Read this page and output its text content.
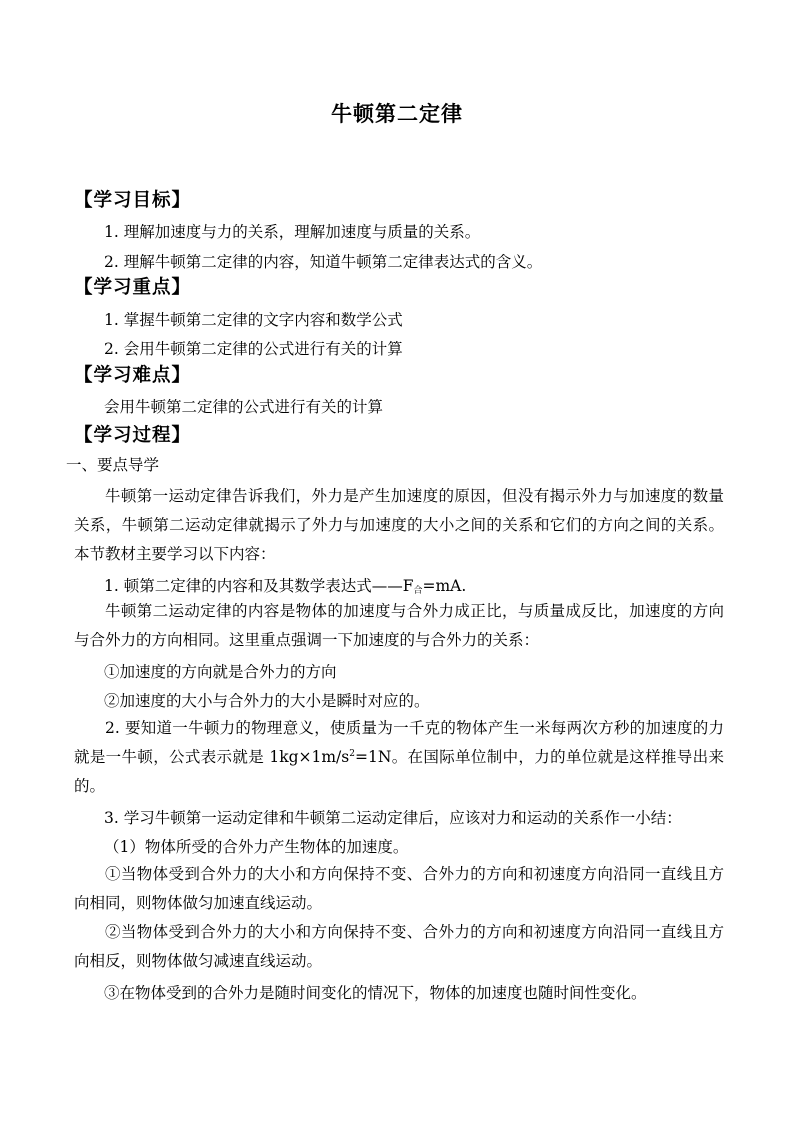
牛顿第二定律
【学习目标】
1. 理解加速度与力的关系，理解加速度与质量的关系。
2. 理解牛顿第二定律的内容，知道牛顿第二定律表达式的含义。
【学习重点】
1. 掌握牛顿第二定律的文字内容和数学公式
2. 会用牛顿第二定律的公式进行有关的计算
【学习难点】
会用牛顿第二定律的公式进行有关的计算
【学习过程】
一、要点导学
牛顿第一运动定律告诉我们，外力是产生加速度的原因，但没有揭示外力与加速度的数量关系，牛顿第二运动定律就揭示了外力与加速度的大小之间的关系和它们的方向之间的关系。本节教材主要学习以下内容：
1. 顿第二定律的内容和及其数学表达式$——F_合=mA$.
牛顿第二运动定律的内容是物体的加速度与合外力成正比，与质量成反比，加速度的方向与合外力的方向相同。这里重点强调一下加速度的与合外力的关系：
①加速度的方向就是合外力的方向
②加速度的大小与合外力的大小是瞬时对应的。
2. 要知道一牛顿力的物理意义，使质量为一千克的物体产生一米每两次方秒的加速度的力就是一牛顿，公式表示就是 $1kg\times 1m/s^2=1N$。在国际单位制中，力的单位就是这样推导出来的。
3. 学习牛顿第一运动定律和牛顿第二运动定律后，应该对力和运动的关系作一小结：
（1）物体所受的合外力产生物体的加速度。
①当物体受到合外力的大小和方向保持不变、合外力的方向和初速度方向沿同一直线且方向相同，则物体做匀加速直线运动。
②当物体受到合外力的大小和方向保持不变、合外力的方向和初速度方向沿同一直线且方向相反，则物体做匀减速直线运动。
③在物体受到的合外力是随时间变化的情况下，物体的加速度也随时间性变化。
